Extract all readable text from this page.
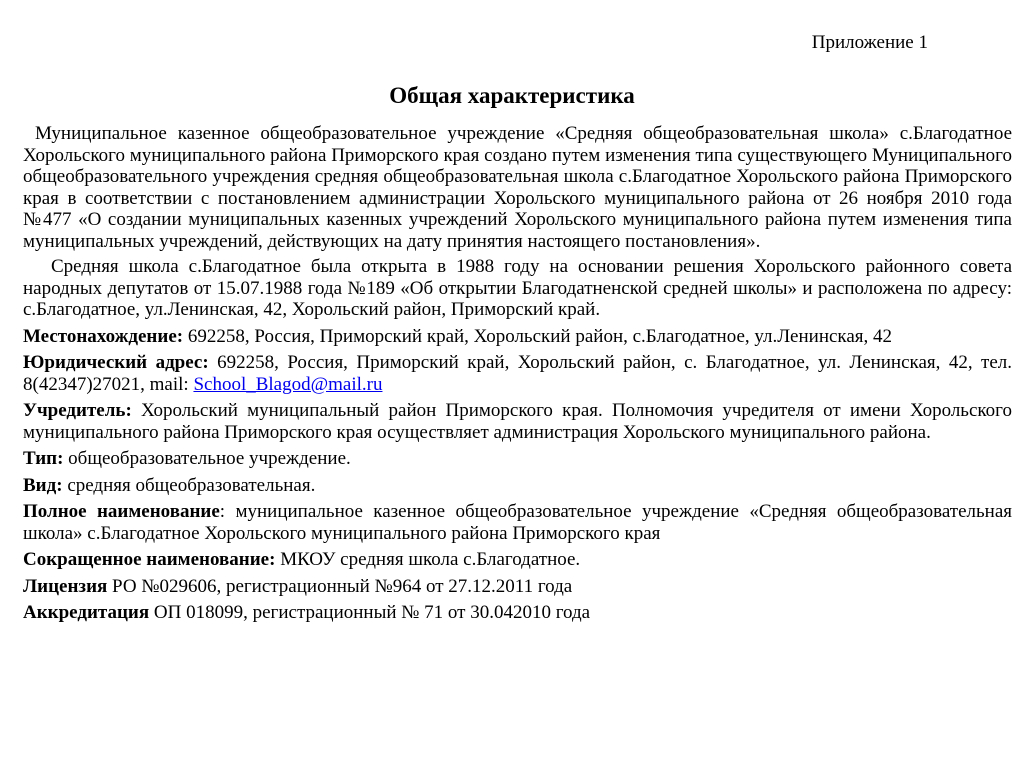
Приложение 1
Общая характеристика

Муниципальное казенное общеобразовательное учреждение «Средняя общеобразовательная школа» с.Благодатное Хорольского муниципального района Приморского края создано путем изменения типа существующего Муниципального общеобразовательного учреждения средняя общеобразовательная школа с.Благодатное Хорольского района Приморского края в соответствии с постановлением администрации Хорольского муниципального района от 26 ноября 2010 года №477 «О создании муниципальных казенных учреждений Хорольского муниципального района путем изменения типа муниципальных учреждений, действующих на дату принятия настоящего постановления».

Средняя школа с.Благодатное была открыта в 1988 году на основании решения Хорольского районного совета народных депутатов от 15.07.1988 года №189 «Об открытии Благодатненской средней школы» и расположена по адресу: с.Благодатное, ул.Ленинская, 42, Хорольский район, Приморский край.

Местонахождение: 692258, Россия, Приморский край, Хорольский район, с.Благодатное, ул.Ленинская, 42

Юридический адрес: 692258, Россия, Приморский край, Хорольский район, с. Благодатное, ул. Ленинская, 42, тел. 8(42347)27021, mail: School_Blagod@mail.ru

Учредитель: Хорольский муниципальный район Приморского края. Полномочия учредителя от имени Хорольского муниципального района Приморского края осуществляет администрация Хорольского муниципального района.

Тип: общеобразовательное учреждение.

Вид: средняя общеобразовательная.

Полное наименование: муниципальное казенное общеобразовательное учреждение «Средняя общеобразовательная школа» с.Благодатное Хорольского муниципального района Приморского края

Сокращенное наименование: МКОУ средняя школа с.Благодатное.

Лицензия РО №029606, регистрационный №964 от 27.12.2011 года

Аккредитация ОП 018099, регистрационный № 71 от 30.042010 года
